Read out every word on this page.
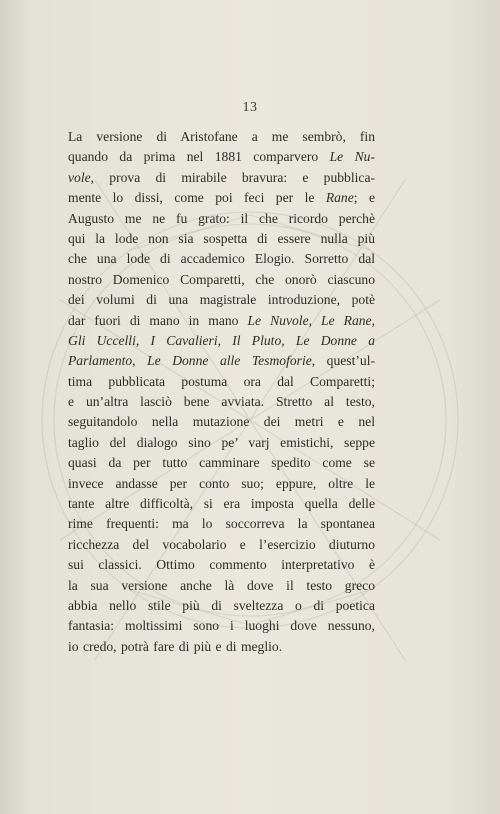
13
La versione di Aristofane a me sembrò, fin
quando da prima nel 1881 comparvero Le Nu-
vole, prova di mirabile bravura: e pubblica-
mente lo dissi, come poi feci per le Rane; e
Augusto me ne fu grato: il che ricordo perchè
qui la lode non sia sospetta di essere nulla più
che una lode di accademico Elogio. Sorretto dal
nostro Domenico Comparetti, che onorò ciascuno
dei volumi di una magistrale introduzione, potè
dar fuori di mano in mano Le Nuvole, Le Rane,
Gli Uccelli, I Cavalieri, Il Pluto, Le Donne a
Parlamento, Le Donne alle Tesmoforie, quest’ul-
tima pubblicata postuma ora dal Comparetti;
e un’altra lasciò bene avviata. Stretto al testo,
seguitandolo nella mutazione dei metri e nel
taglio del dialogo sino pe’ varj emistichi, seppe
quasi da per tutto camminare spedito come se
invece andasse per conto suo; eppure, oltre le
tante altre difficoltà, si era imposta quella delle
rime frequenti: ma lo soccorreva la spontanea
ricchezza del vocabolario e l’esercizio diuturno
sui classici. Ottimo commento interpretativo è
la sua versione anche là dove il testo greco
abbia nello stile più di sveltezza o di poetica
fantasia: moltissimi sono i luoghi dove nessuno,
io credo, potrà fare di più e di meglio.
